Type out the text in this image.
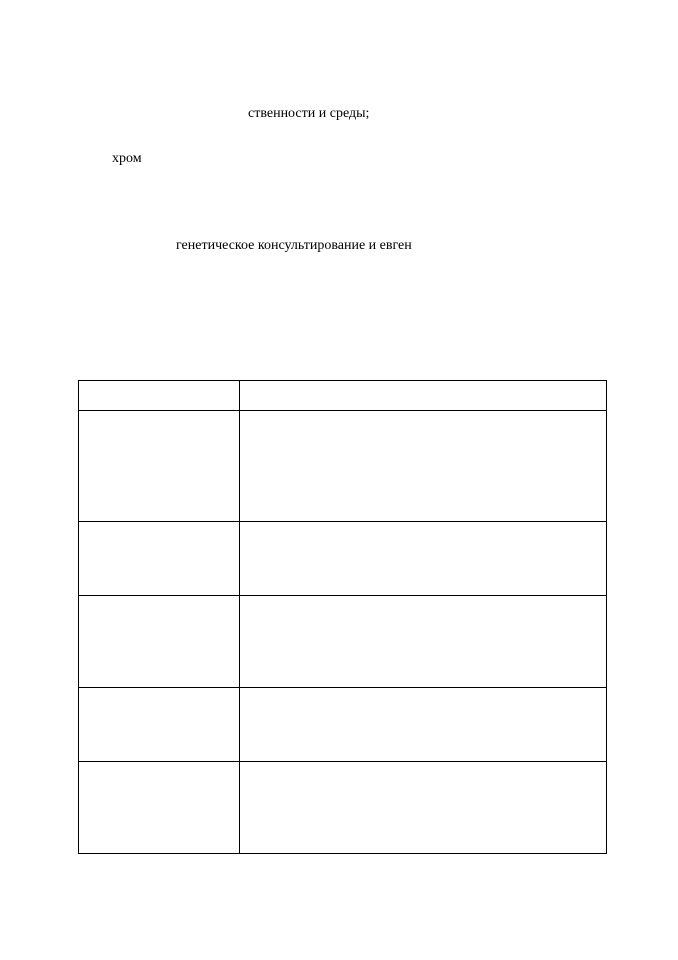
ственности и среды;
хром
генетическое консультирование и евген
